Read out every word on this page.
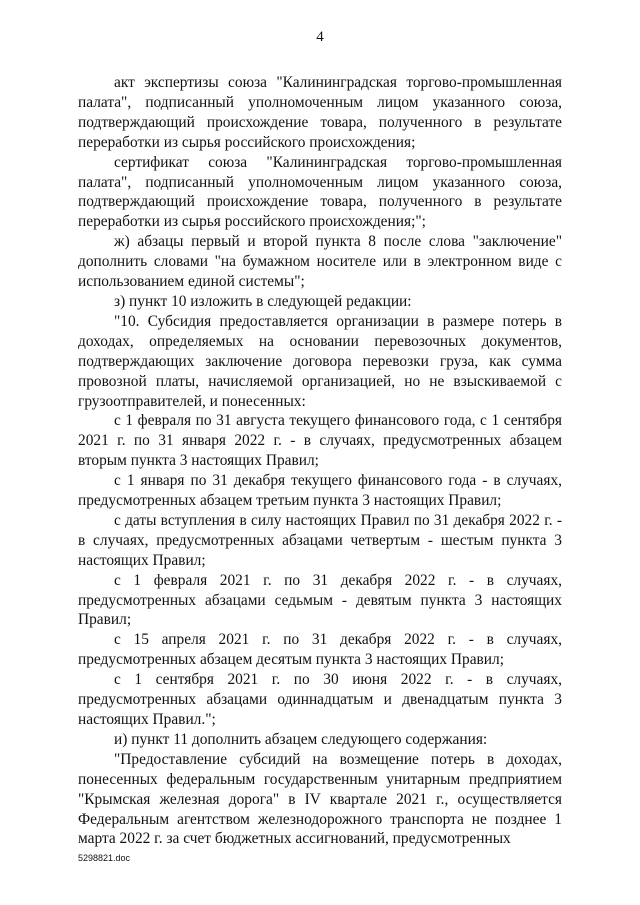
4

акт экспертизы союза "Калининградская торгово-промышленная палата", подписанный уполномоченным лицом указанного союза, подтверждающий происхождение товара, полученного в результате переработки из сырья российского происхождения;

сертификат союза "Калининградская торгово-промышленная палата", подписанный уполномоченным лицом указанного союза, подтверждающий происхождение товара, полученного в результате переработки из сырья российского происхождения;";

ж) абзацы первый и второй пункта 8 после слова "заключение" дополнить словами "на бумажном носителе или в электронном виде с использованием единой системы";

з) пункт 10 изложить в следующей редакции:

"10. Субсидия предоставляется организации в размере потерь в доходах, определяемых на основании перевозочных документов, подтверждающих заключение договора перевозки груза, как сумма провозной платы, начисляемой организацией, но не взыскиваемой с грузоотправителей, и понесенных:

с 1 февраля по 31 августа текущего финансового года, с 1 сентября 2021 г. по 31 января 2022 г. - в случаях, предусмотренных абзацем вторым пункта 3 настоящих Правил;

с 1 января по 31 декабря текущего финансового года - в случаях, предусмотренных абзацем третьим пункта 3 настоящих Правил;

с даты вступления в силу настоящих Правил по 31 декабря 2022 г. - в случаях, предусмотренных абзацами четвертым - шестым пункта 3 настоящих Правил;

с 1 февраля 2021 г. по 31 декабря 2022 г. - в случаях, предусмотренных абзацами седьмым - девятым пункта 3 настоящих Правил;

с 15 апреля 2021 г. по 31 декабря 2022 г. - в случаях, предусмотренных абзацем десятым пункта 3 настоящих Правил;

с 1 сентября 2021 г. по 30 июня 2022 г. - в случаях, предусмотренных абзацами одиннадцатым и двенадцатым пункта 3 настоящих Правил.";

и) пункт 11 дополнить абзацем следующего содержания:

"Предоставление субсидий на возмещение потерь в доходах, понесенных федеральным государственным унитарным предприятием "Крымская железная дорога" в IV квартале 2021 г., осуществляется Федеральным агентством железнодорожного транспорта не позднее 1 марта 2022 г. за счет бюджетных ассигнований, предусмотренных

5298821.doc
